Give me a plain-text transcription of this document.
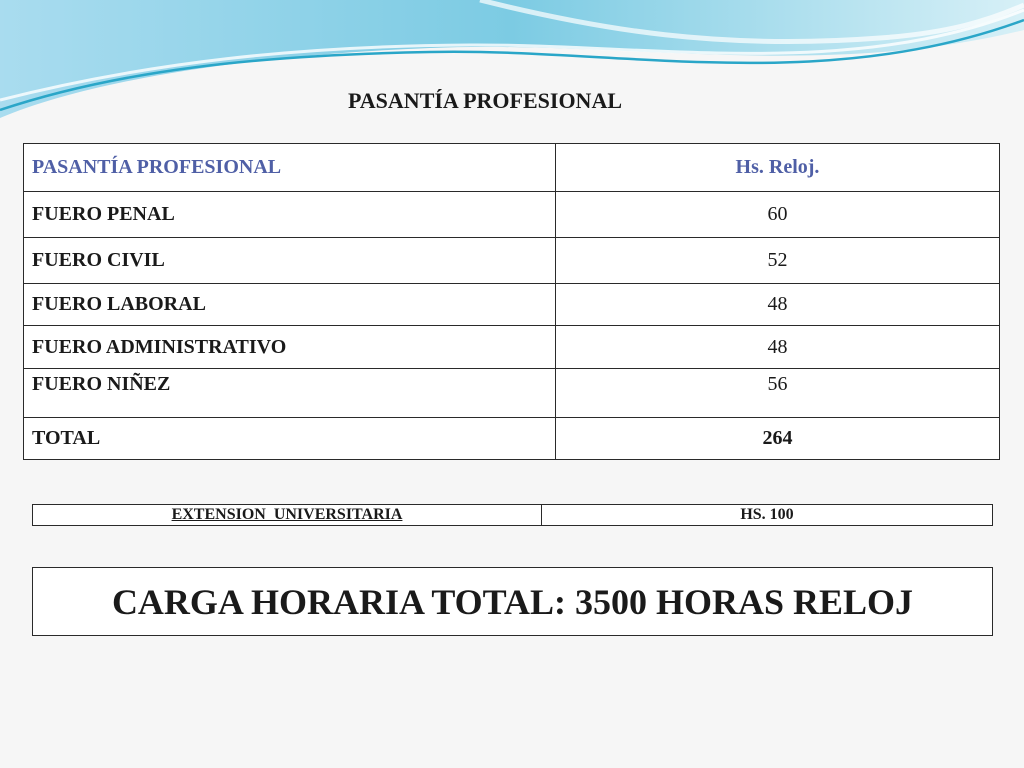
PASANTÍA PROFESIONAL
PASANTÍA PROFESIONAL	Hs. Reloj.
FUERO PENAL	60
FUERO CIVIL	52
FUERO LABORAL	48
FUERO ADMINISTRATIVO	48
FUERO NIÑEZ	56
TOTAL	264
EXTENSION  UNIVERSITARIA	HS. 100
CARGA HORARIA TOTAL: 3500 HORAS RELOJ
